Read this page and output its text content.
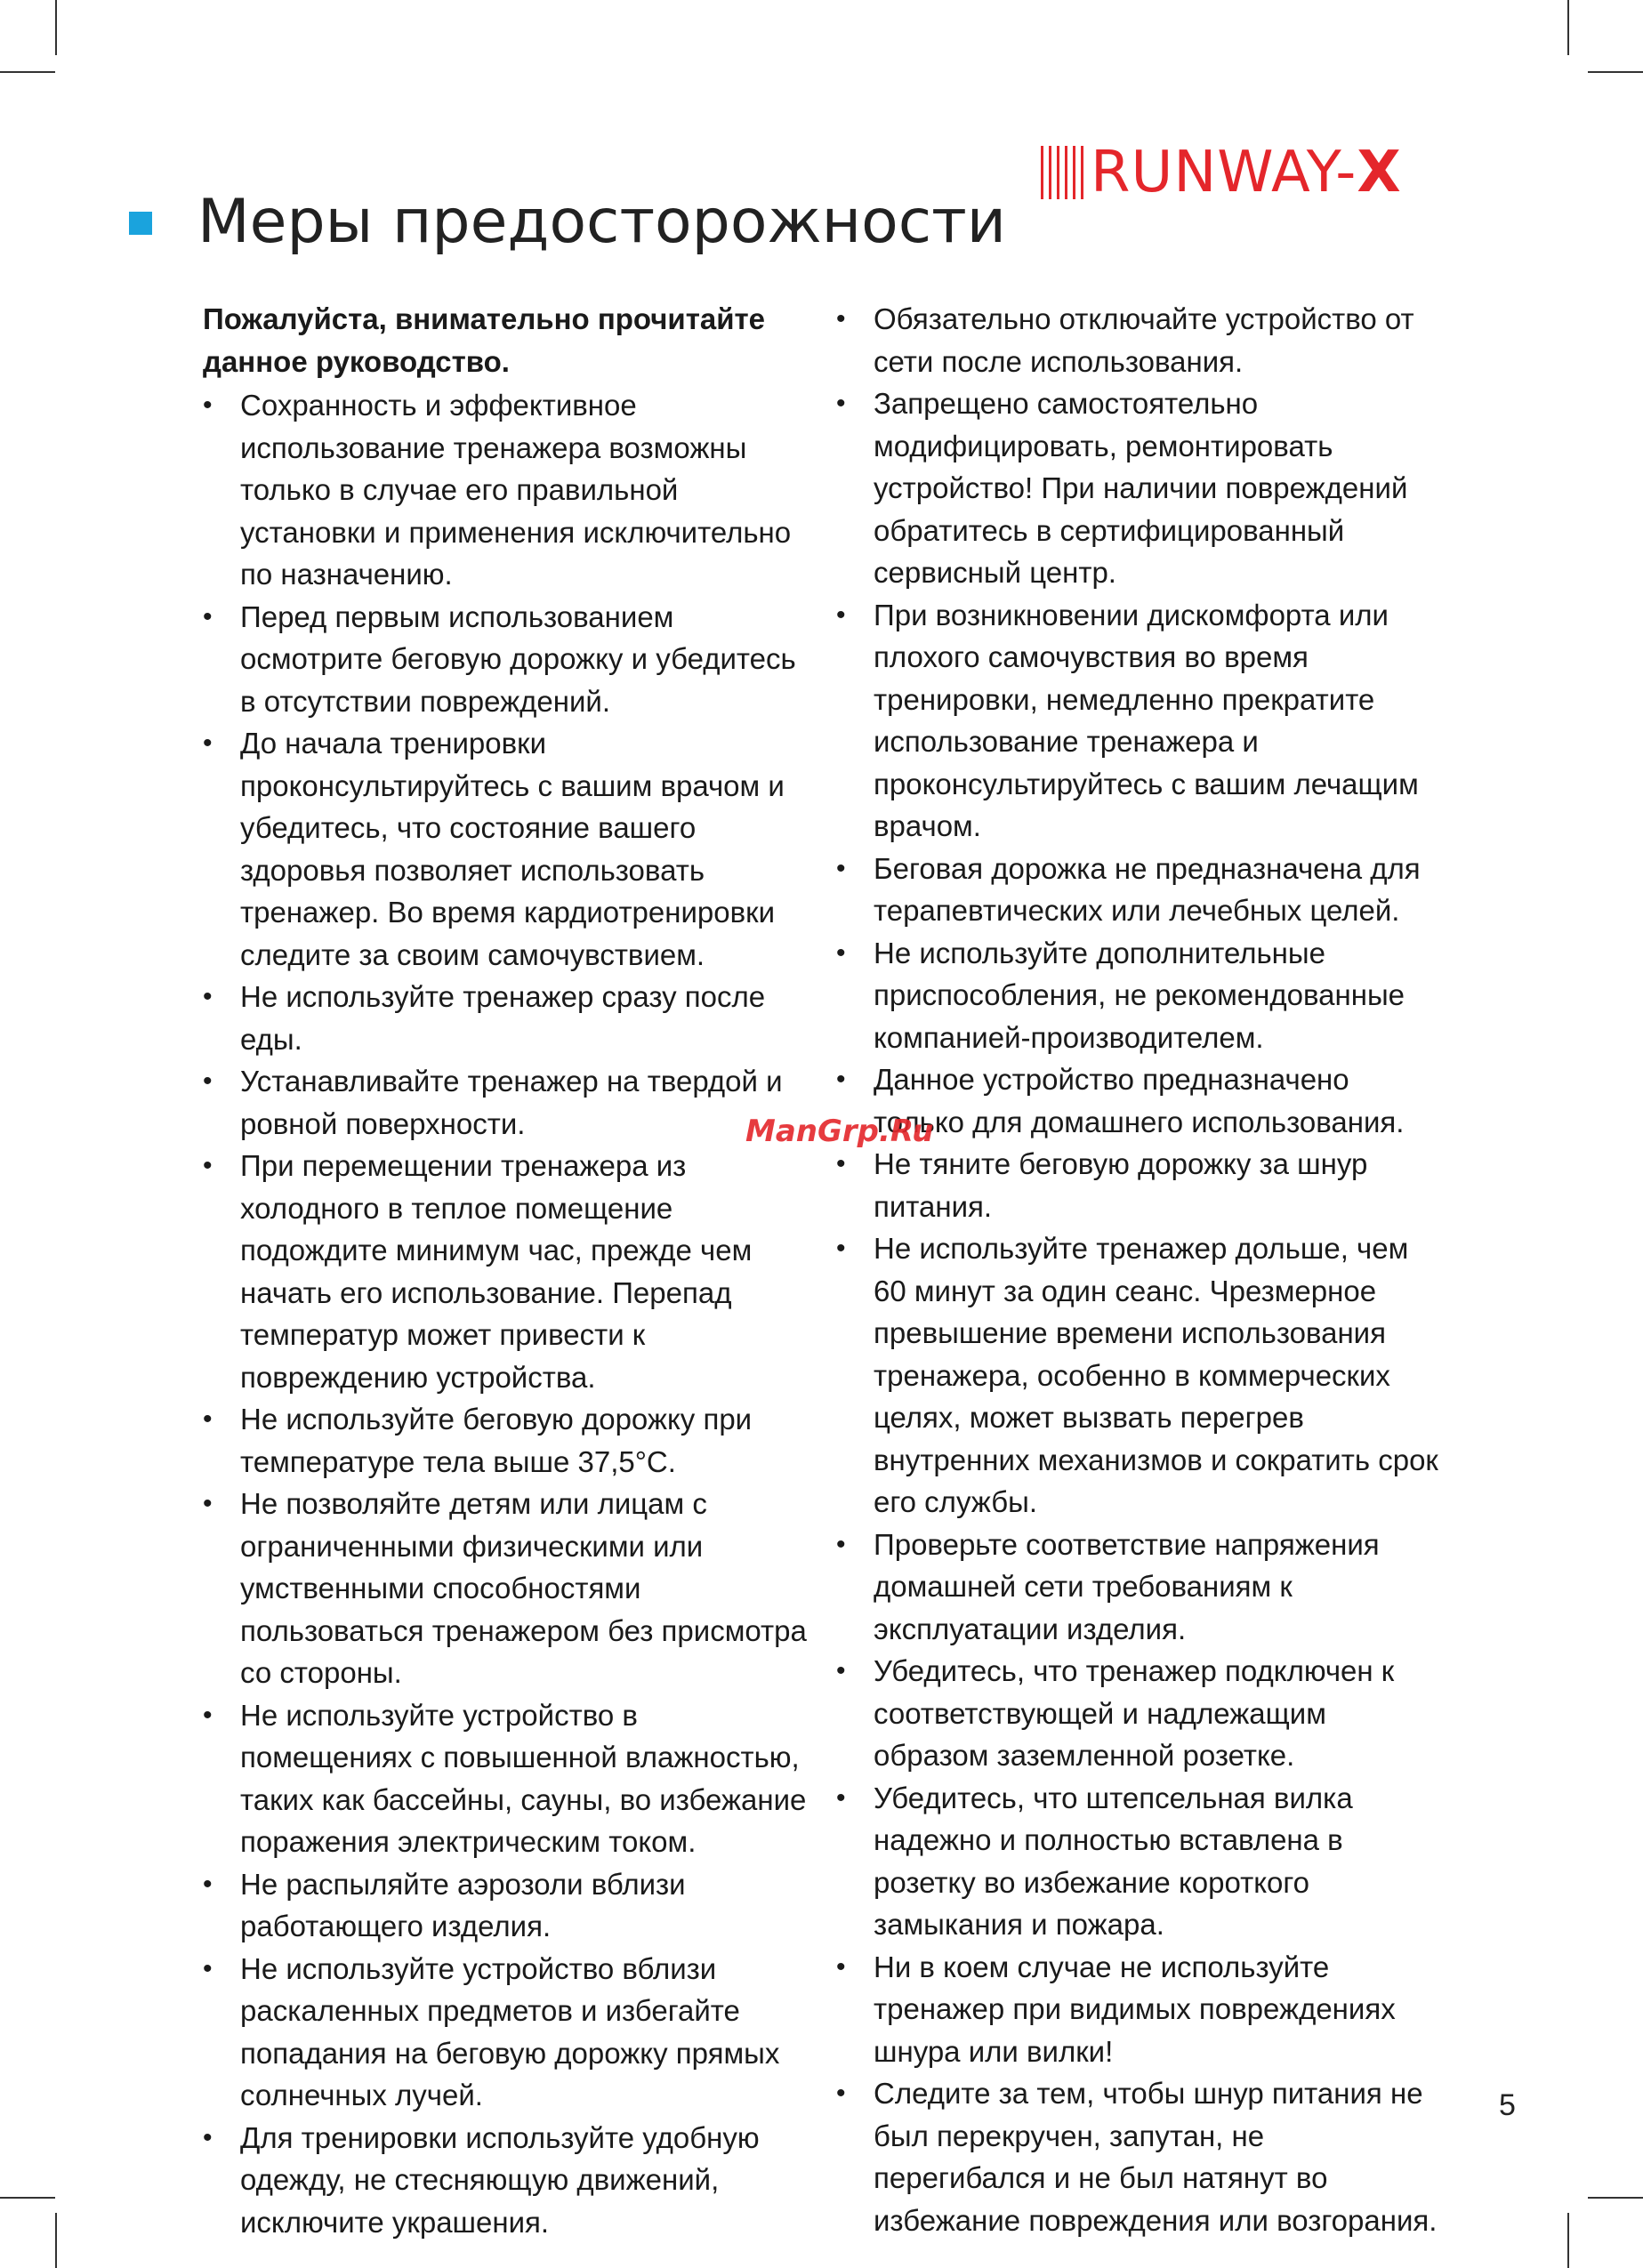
RUNWAY-X
Меры предосторожности

Пожалуйста, внимательно прочитайте данное руководство.

• Сохранность и эффективное использование тренажера возможны только в случае его правильной установки и применения исключительно по назначению.
• Перед первым использованием осмотрите беговую дорожку и убедитесь в отсутствии повреждений.
• До начала тренировки проконсультируйтесь с вашим врачом и убедитесь, что состояние вашего здоровья позволяет использовать тренажер. Во время кардиотренировки следите за своим самочувствием.
• Не используйте тренажер сразу после еды.
• Устанавливайте тренажер на твердой и ровной поверхности.
• При перемещении тренажера из холодного в теплое помещение подождите минимум час, прежде чем начать его использование. Перепад температур может привести к повреждению устройства.
• Не используйте беговую дорожку при температуре тела выше 37,5°С.
• Не позволяйте детям или лицам с ограниченными физическими или умственными способностями пользоваться тренажером без присмотра со стороны.
• Не используйте устройство в помещениях с повышенной влажностью, таких как бассейны, сауны, во избежание поражения электрическим током.
• Не распыляйте аэрозоли вблизи работающего изделия.
• Не используйте устройство вблизи раскаленных предметов и избегайте попадания на беговую дорожку прямых солнечных лучей.
• Для тренировки используйте удобную одежду, не стесняющую движений, исключите украшения.
• Обязательно отключайте устройство от сети после использования.
• Запрещено самостоятельно модифицировать, ремонтировать устройство! При наличии повреждений обратитесь в сертифицированный сервисный центр.
• При возникновении дискомфорта или плохого самочувствия во время тренировки, немедленно прекратите использование тренажера и проконсультируйтесь с вашим лечащим врачом.
• Беговая дорожка не предназначена для терапевтических или лечебных целей.
• Не используйте дополнительные приспособления, не рекомендованные компанией-производителем.
• Данное устройство предназначено только для домашнего использования.
• Не тяните беговую дорожку за шнур питания.
• Не используйте тренажер дольше, чем 60 минут за один сеанс. Чрезмерное превышение времени использования тренажера, особенно в коммерческих целях, может вызвать перегрев внутренних механизмов и сократить срок его службы.
• Проверьте соответствие напряжения домашней сети требованиям к эксплуатации изделия.
• Убедитесь, что тренажер подключен к соответствующей и надлежащим образом заземленной розетке.
• Убедитесь, что штепсельная вилка надежно и полностью вставлена в розетку во избежание короткого замыкания и пожара.
• Ни в коем случае не используйте тренажер при видимых повреждениях шнура или вилки!
• Следите за тем, чтобы шнур питания не был перекручен, запутан, не перегибался и не был натянут во избежание повреждения или возгорания.
ManGrp.Ru
5
